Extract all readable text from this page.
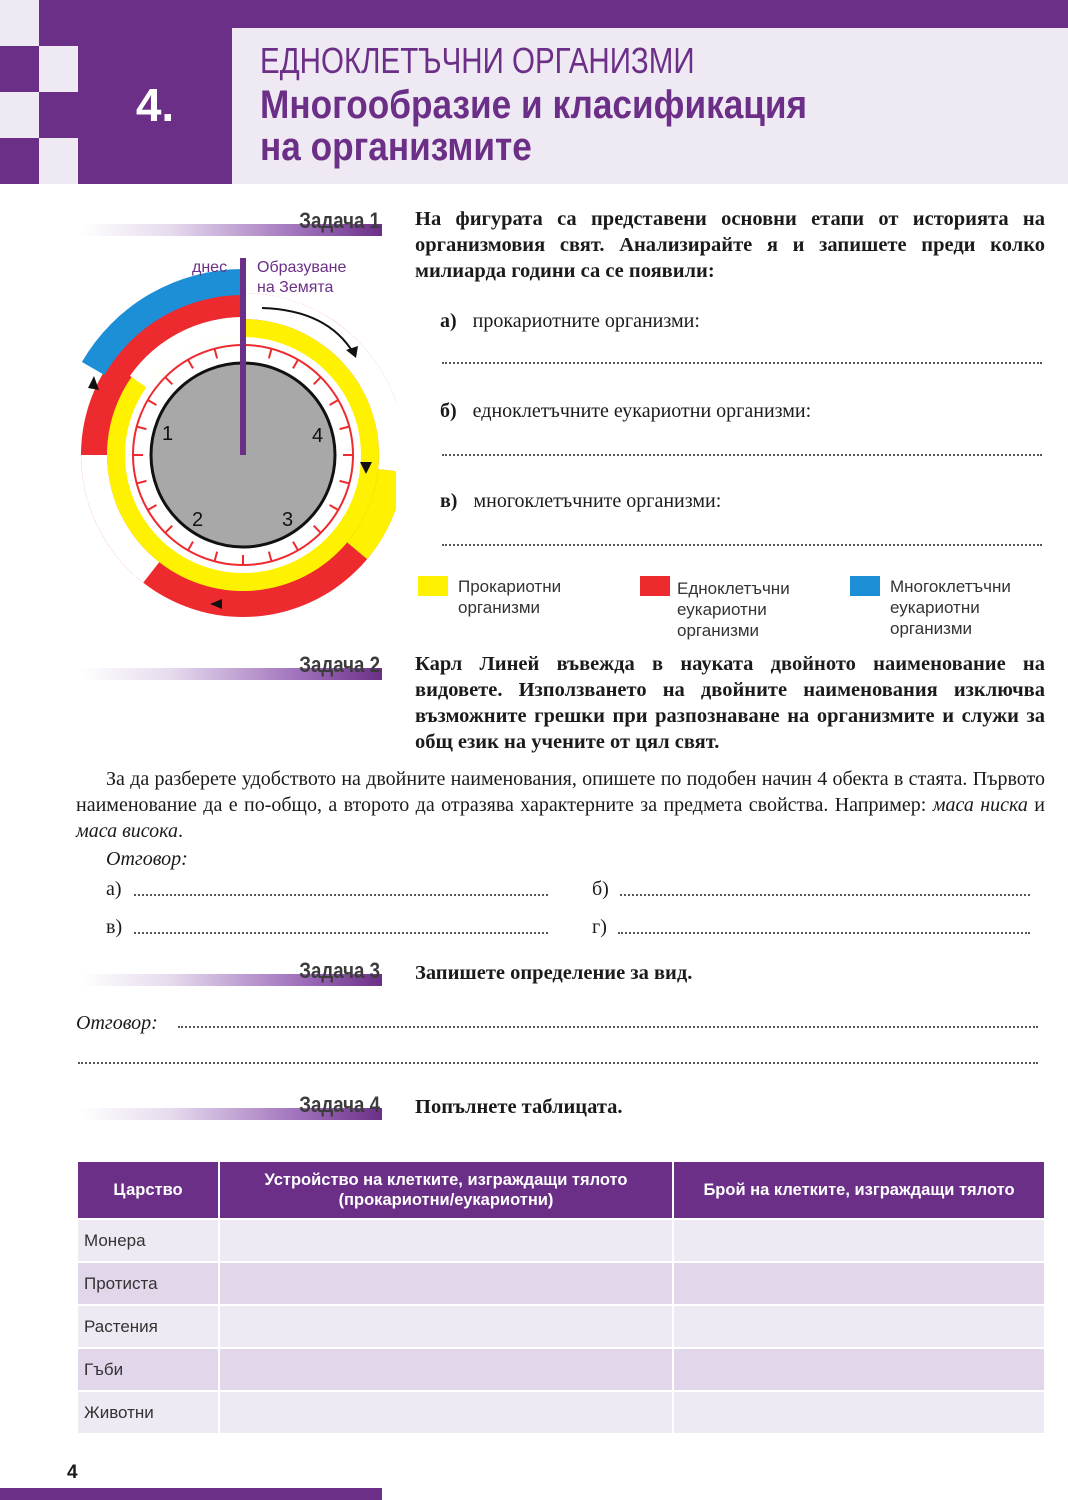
4.
ЕДНОКЛЕТЪЧНИ ОРГАНИЗМИ
Многообразие и класификация
на организмите
Задача 1 На фигурата са представени основни етапи от историята на организмовия свят. Анализирайте я и запишете преди колко милиарда години са се появили:
а) прокариотните организми:
б) едноклетъчните еукариотни организми:
в) многоклетъчните организми:
1
2	3
4
днес Образуване
на Земята
Прокариотни
организми
Едноклетъчни
еукариотни
организми
Многоклетъчни
еукариотни
организми
Задача 2 Карл Линей въвежда в науката двойното наименование на видовете. Използването на двойните наименования изключва възможните грешки при разпознаване на организмите и служи за общ език на учените от цял свят.
За да разберете удобството на двойните наименования, опишете по подобен начин 4 обекта в стаята. Първото наименование да е по-общо, а второто да отразява характерните за предмета свойства. Например: маса ниска и маса висока.
Отговор:
а)	б)
в)	г)
Задача 3 Запишете определение за вид.
Отговор:
Задача 4 Попълнете таблицата.
Царство	Устройство на клетките, изграждащи тялото (прокариотни/еукариотни)	Брой на клетките, изграждащи тялото
Монера		
Протиста		
Растения		
Гъби		
Животни		
4
